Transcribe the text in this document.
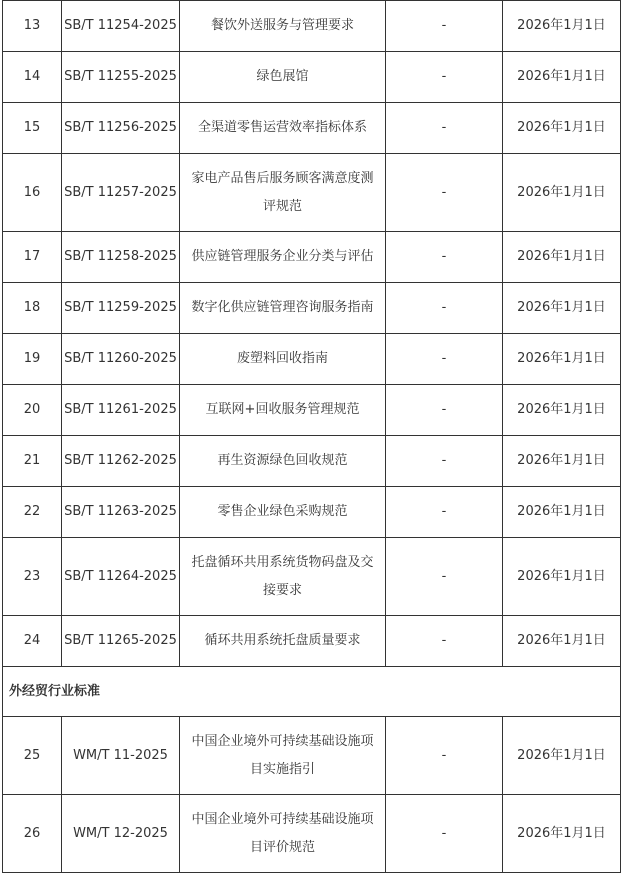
13	SB/T 11254-2025	餐饮外送服务与管理要求	-	2026年1月1日
14	SB/T 11255-2025	绿色展馆	-	2026年1月1日
15	SB/T 11256-2025	全渠道零售运营效率指标体系	-	2026年1月1日
16	SB/T 11257-2025	家电产品售后服务顾客满意度测评规范	-	2026年1月1日
17	SB/T 11258-2025	供应链管理服务企业分类与评估	-	2026年1月1日
18	SB/T 11259-2025	数字化供应链管理咨询服务指南	-	2026年1月1日
19	SB/T 11260-2025	废塑料回收指南	-	2026年1月1日
20	SB/T 11261-2025	互联网+回收服务管理规范	-	2026年1月1日
21	SB/T 11262-2025	再生资源绿色回收规范	-	2026年1月1日
22	SB/T 11263-2025	零售企业绿色采购规范	-	2026年1月1日
23	SB/T 11264-2025	托盘循环共用系统货物码盘及交接要求	-	2026年1月1日
24	SB/T 11265-2025	循环共用系统托盘质量要求	-	2026年1月1日
外经贸行业标准				
25	WM/T 11-2025	中国企业境外可持续基础设施项目实施指引	-	2026年1月1日
26	WM/T 12-2025	中国企业境外可持续基础设施项目评价规范	-	2026年1月1日
